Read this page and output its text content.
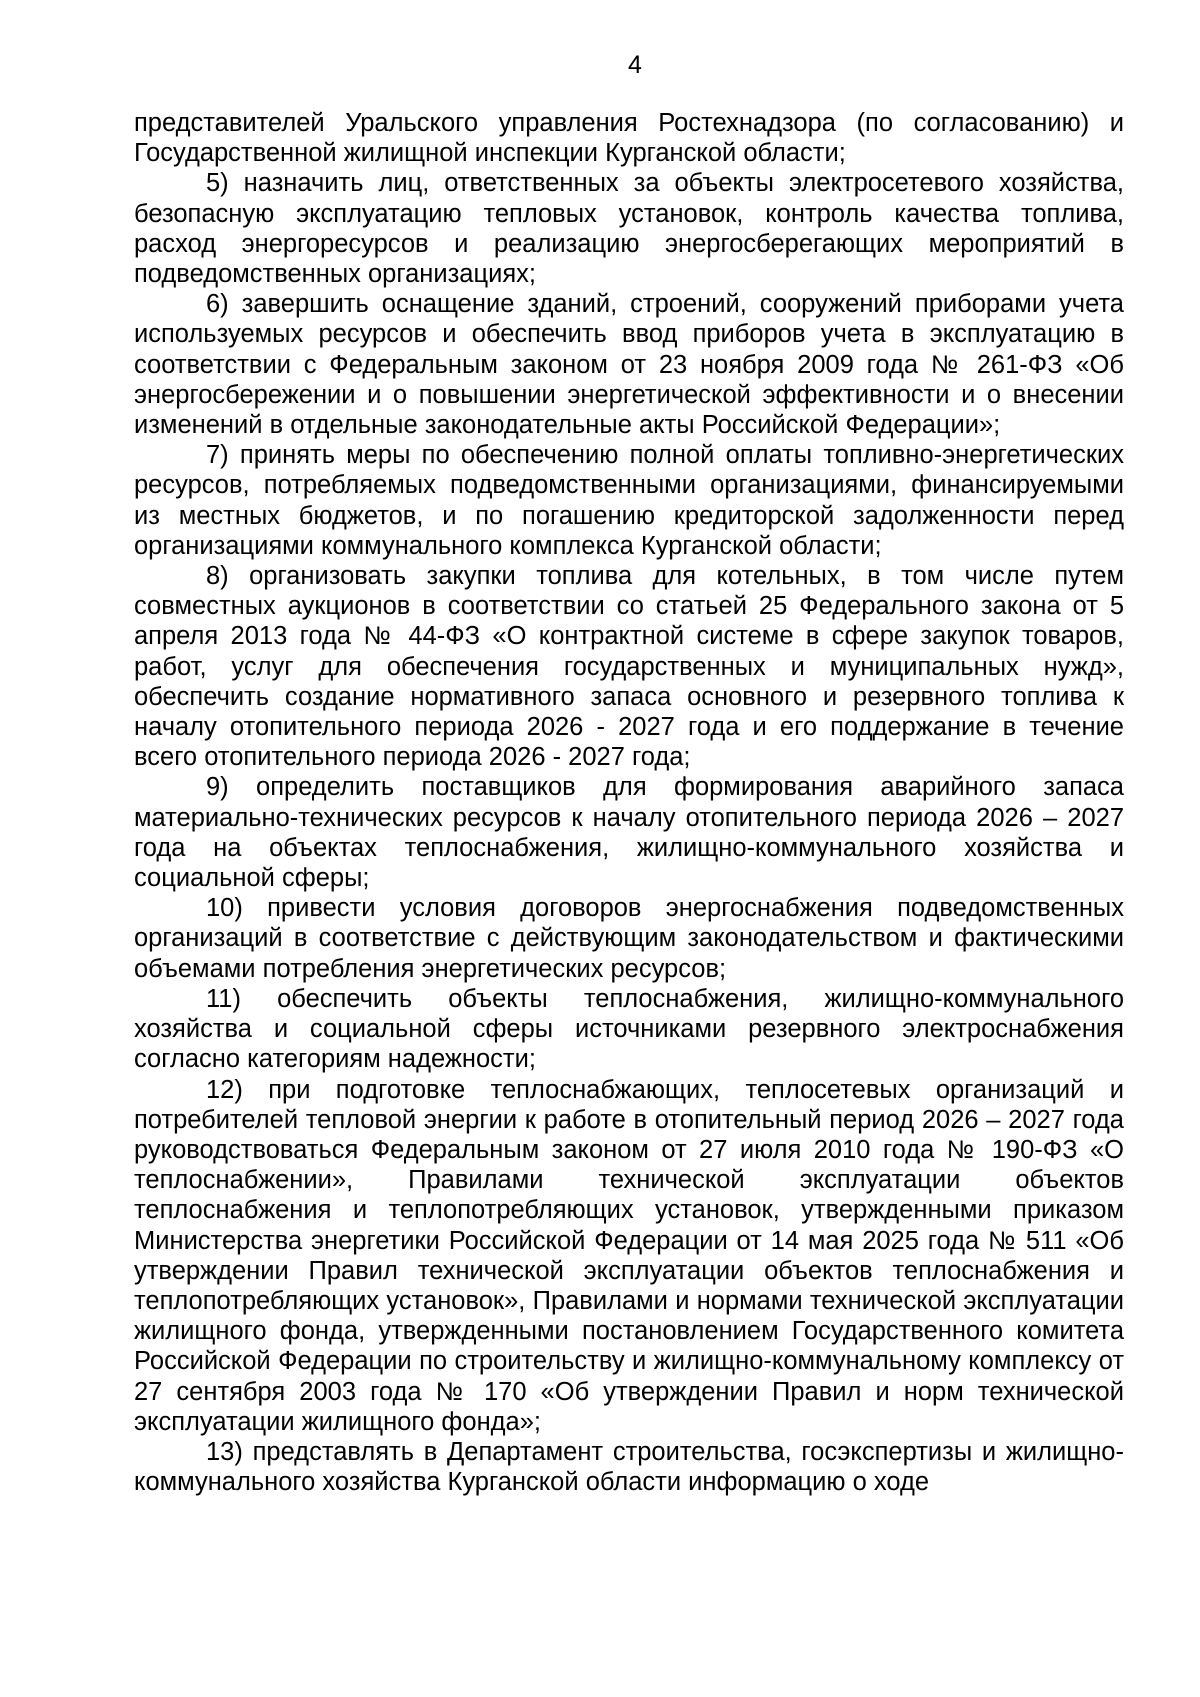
4

представителей Уральского управления Ростехнадзора (по согласованию) и Государственной жилищной инспекции Курганской области;

5) назначить лиц, ответственных за объекты электросетевого хозяйства, безопасную эксплуатацию тепловых установок, контроль качества топлива, расход энергоресурсов и реализацию энергосберегающих мероприятий в подведомственных организациях;

6) завершить оснащение зданий, строений, сооружений приборами учета используемых ресурсов и обеспечить ввод приборов учета в эксплуатацию в соответствии с Федеральным законом от 23 ноября 2009 года № 261-ФЗ «Об энергосбережении и о повышении энергетической эффективности и о внесении изменений в отдельные законодательные акты Российской Федерации»;

7) принять меры по обеспечению полной оплаты топливно-энергетических ресурсов, потребляемых подведомственными организациями, финансируемыми из местных бюджетов, и по погашению кредиторской задолженности перед организациями коммунального комплекса Курганской области;

8) организовать закупки топлива для котельных, в том числе путем совместных аукционов в соответствии со статьей 25 Федерального закона от 5 апреля 2013 года № 44-ФЗ «О контрактной системе в сфере закупок товаров, работ, услуг для обеспечения государственных и муниципальных нужд», обеспечить создание нормативного запаса основного и резервного топлива к началу отопительного периода 2026 - 2027 года и его поддержание в течение всего отопительного периода 2026 - 2027 года;

9) определить поставщиков для формирования аварийного запаса материально-технических ресурсов к началу отопительного периода 2026 – 2027 года на объектах теплоснабжения, жилищно-коммунального хозяйства и социальной сферы;

10) привести условия договоров энергоснабжения подведомственных организаций в соответствие с действующим законодательством и фактическими объемами потребления энергетических ресурсов;

11) обеспечить объекты теплоснабжения, жилищно-коммунального хозяйства и социальной сферы источниками резервного электроснабжения согласно категориям надежности;

12) при подготовке теплоснабжающих, теплосетевых организаций и потребителей тепловой энергии к работе в отопительный период 2026 – 2027 года руководствоваться Федеральным законом от 27 июля 2010 года № 190-ФЗ «О теплоснабжении», Правилами технической эксплуатации объектов теплоснабжения и теплопотребляющих установок, утвержденными приказом Министерства энергетики Российской Федерации от 14 мая 2025 года № 511 «Об утверждении Правил технической эксплуатации объектов теплоснабжения и теплопотребляющих установок», Правилами и нормами технической эксплуатации жилищного фонда, утвержденными постановлением Государственного комитета Российской Федерации по строительству и жилищно-коммунальному комплексу от 27 сентября 2003 года № 170 «Об утверждении Правил и норм технической эксплуатации жилищного фонда»;

13) представлять в Департамент строительства, госэкспертизы и жилищно-коммунального хозяйства Курганской области информацию о ходе
